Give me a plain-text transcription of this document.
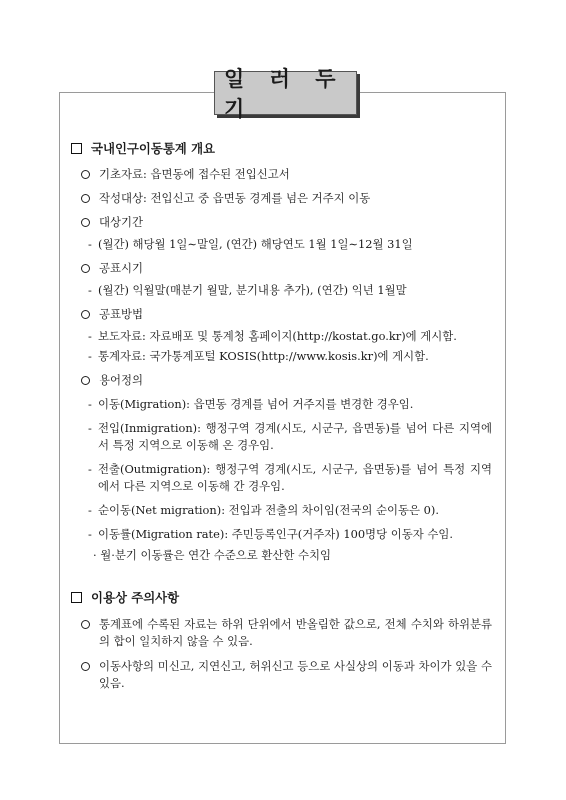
일 러 두 기
국내인구이동통계 개요
기초자료: 읍면동에 접수된 전입신고서
작성대상: 전입신고 중 읍면동 경계를 넘은 거주지 이동
대상기간
- (월간) 해당월 1일∼말일, (연간) 해당연도 1월 1일∼12월 31일
공표시기
- (월간) 익월말(매분기 월말, 분기내용 추가), (연간) 익년 1월말
공표방법
- 보도자료: 자료배포 및 통계청 홈페이지(http://kostat.go.kr)에 게시함.
- 통계자료: 국가통계포털 KOSIS(http://www.kosis.kr)에 게시함.
용어정의
- 이동(Migration): 읍면동 경계를 넘어 거주지를 변경한 경우임.
- 전입(Inmigration): 행정구역 경계(시도, 시군구, 읍면동)를 넘어 다른 지역에서 특정 지역으로 이동해 온 경우임.
- 전출(Outmigration): 행정구역 경계(시도, 시군구, 읍면동)를 넘어 특정 지역에서 다른 지역으로 이동해 간 경우임.
- 순이동(Net migration): 전입과 전출의 차이임(전국의 순이동은 0).
- 이동률(Migration rate): 주민등록인구(거주자) 100명당 이동자 수임.
· 월·분기 이동률은 연간 수준으로 환산한 수치임
이용상 주의사항
통계표에 수록된 자료는 하위 단위에서 반올림한 값으로, 전체 수치와 하위분류의 합이 일치하지 않을 수 있음.
이동사항의 미신고, 지연신고, 허위신고 등으로 사실상의 이동과 차이가 있을 수 있음.
